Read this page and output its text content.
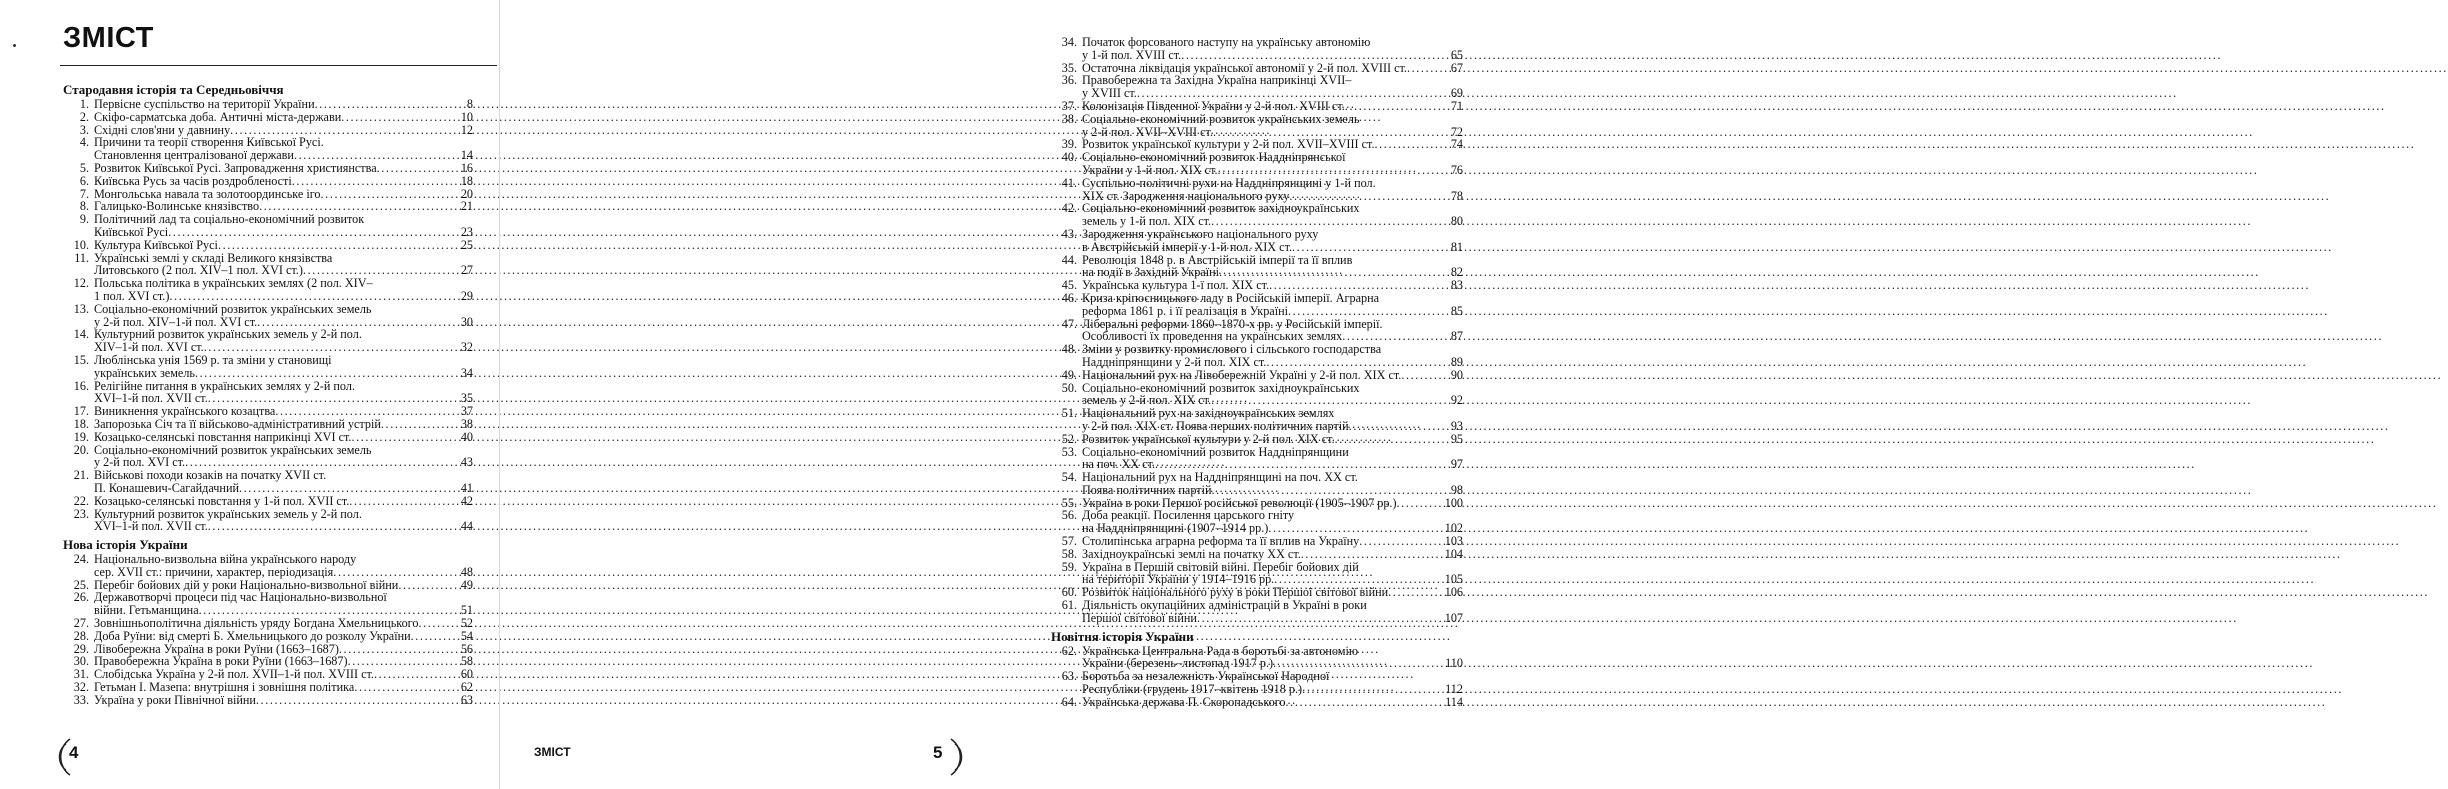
ЗМІСТ
Стародавня історія та Середньовіччя
1. Первісне суспільство на території України .....	8
2. Скіфо-сарматська доба. Античні міста-держави .....	10
3. Східні слов'яни у давнину .....	12
4. Причини та теорії створення Київської Русі.
Становлення централізованої держави .....	14
5. Розвиток Київської Русі. Запровадження християнства .....	16
6. Київська Русь за часів роздробленості .....	18
7. Монгольська навала та золотоординське іго .....	20
8. Галицько-Волинське князівство .....	21
9. Політичний лад та соціально-економічний розвиток
Київської Русі .....	23
10. Культура Київської Русі .....	25
11. Українські землі у складі Великого князівства
Литовського (2 пол. XIV–1 пол. XVI ст.) .....	27
12. Польська політика в українських землях (2 пол. XIV–
1 пол. XVI ст.) .....	29
13. Соціально-економічний розвиток українських земель
у 2-й пол. XIV–1-й пол. XVI ст. .....	30
14. Культурний розвиток українських земель у 2-й пол.
XIV–1-й пол. XVI ст. .....	32
15. Люблінська унія 1569 р. та зміни у становищі
українських земель .....	34
16. Релігійне питання в українських землях у 2-й пол.
XVI–1-й пол. XVII ст. .....	35
17. Виникнення українського козацтва .....	37
18. Запорозька Січ та її військово-адміністративний устрій .....	38
19. Козацько-селянські повстання наприкінці XVI ст. .....	40
20. Соціально-економічний розвиток українських земель
у 2-й пол. XVI ст. .....	43
21. Військові походи козаків на початку XVII ст.
П. Конашевич-Сагайдачний .....	41
22. Козацько-селянські повстання у 1-й пол. XVII ст. .....	42
23. Культурний розвиток українських земель у 2-й пол.
XVI–1-й пол. XVII ст. .....	44
Нова історія України
24. Національно-визвольна війна українського народу
сер. XVII ст.: причини, характер, періодизація .....	48
25. Перебіг бойових дій у роки Національно-визвольної війни .....	49
26. Державотворчі процеси під час Національно-визвольної
війни. Гетьманщина .....	51
27. Зовнішньополітична діяльність уряду Богдана Хмельницького .....	52
28. Доба Руїни: від смерті Б. Хмельницького до розколу України .....	54
29. Лівобережна Україна в роки Руїни (1663–1687) .....	56
30. Правобережна Україна в роки Руїни (1663–1687) .....	58
31. Слобідська Україна у 2-й пол. XVII–1-й пол. XVIII ст. .....	60
32. Гетьман І. Мазепа: внутрішня і зовнішня політика .....	62
33. Україна у роки Північної війни .....	63
4
34. Початок форсованого наступу на українську автономію
у 1-й пол. XVIII ст. .....	65
35. Остаточна ліквідація української автономії у 2-й пол. XVIII ст. .....	67
36. Правобережна та Західна Україна наприкінці XVII–
у XVIII ст. .....	69
37. Колонізація Південної України у 2-й пол. XVIII ст. .....	71
38. Соціально-економічний розвиток українських земель
у 2-й пол. XVII–XVIII ст. .....	72
39. Розвиток української культури у 2-й пол. XVII–XVIII ст. .....	74
40. Соціально-економічний розвиток Наддніпрянської
України у 1-й пол. XIX ст. .....	76
41. Суспільно-політичні рухи на Наддніпрянщині у 1-й пол.
XIX ст. Зародження національного руху .....	78
42. Соціально-економічний розвиток західноукраїнських
земель у 1-й пол. XIX ст. .....	80
43. Зародження українського національного руху
в Австрійській імперії у 1-й пол. XIX ст. .....	81
44. Революція 1848 р. в Австрійській імперії та її вплив
на події в Західній Україні .....	82
45. Українська культура 1-ї пол. XIX ст. .....	83
46. Криза кріпосницького ладу в Російській імперії. Аграрна
реформа 1861 р. і її реалізація в Україні .....	85
47. Ліберальні реформи 1860–1870-х рр. у Російській імперії.
Особливості їх проведення на українських землях .....	87
48. Зміни у розвитку промислового і сільського господарства
Наддніпрянщини у 2-й пол. XIX ст. .....	89
49. Національний рух на Лівобережній Україні у 2-й пол. XIX ст. .....	90
50. Соціально-економічний розвиток західноукраїнських
земель у 2-й пол. XIX ст. .....	92
51. Національний рух на західноукраїнських землях
у 2-й пол. XIX ст. Поява перших політичних партій .....	93
52. Розвиток української культури у 2-й пол. XIX ст. .....	95
53. Соціально-економічний розвиток Наддніпрянщини
на поч. XX ст. .....	97
54. Національний рух на Наддніпрянщині на поч. XX ст.
Поява політичних партій .....	98
55. Україна в роки Першої російської революції (1905–1907 рр.) .....	100
56. Доба реакції. Посилення царського гніту
на Наддніпрянщині (1907–1914 рр.) .....	102
57. Столипінська аграрна реформа та її вплив на Україну .....	103
58. Західноукраїнські землі на початку XX ст. .....	104
59. Україна в Першій світовій війні. Перебіг бойових дій
на території України у 1914–1916 рр. .....	105
60. Розвиток національного руху в роки Першої світової війни .....	106
61. Діяльність окупаційних адміністрацій в Україні в роки
Першої світової війни .....	107
Новітня історія України
62. Українська Центральна Рада в боротьбі за автономію
України (березень–листопад 1917 р.) .....	110
63. Боротьба за незалежність Української Народної
Республіки (грудень 1917–квітень 1918 р.) .....	112
64. Українська держава П. Скоропадського .....	114
ЗМІСТ	5
